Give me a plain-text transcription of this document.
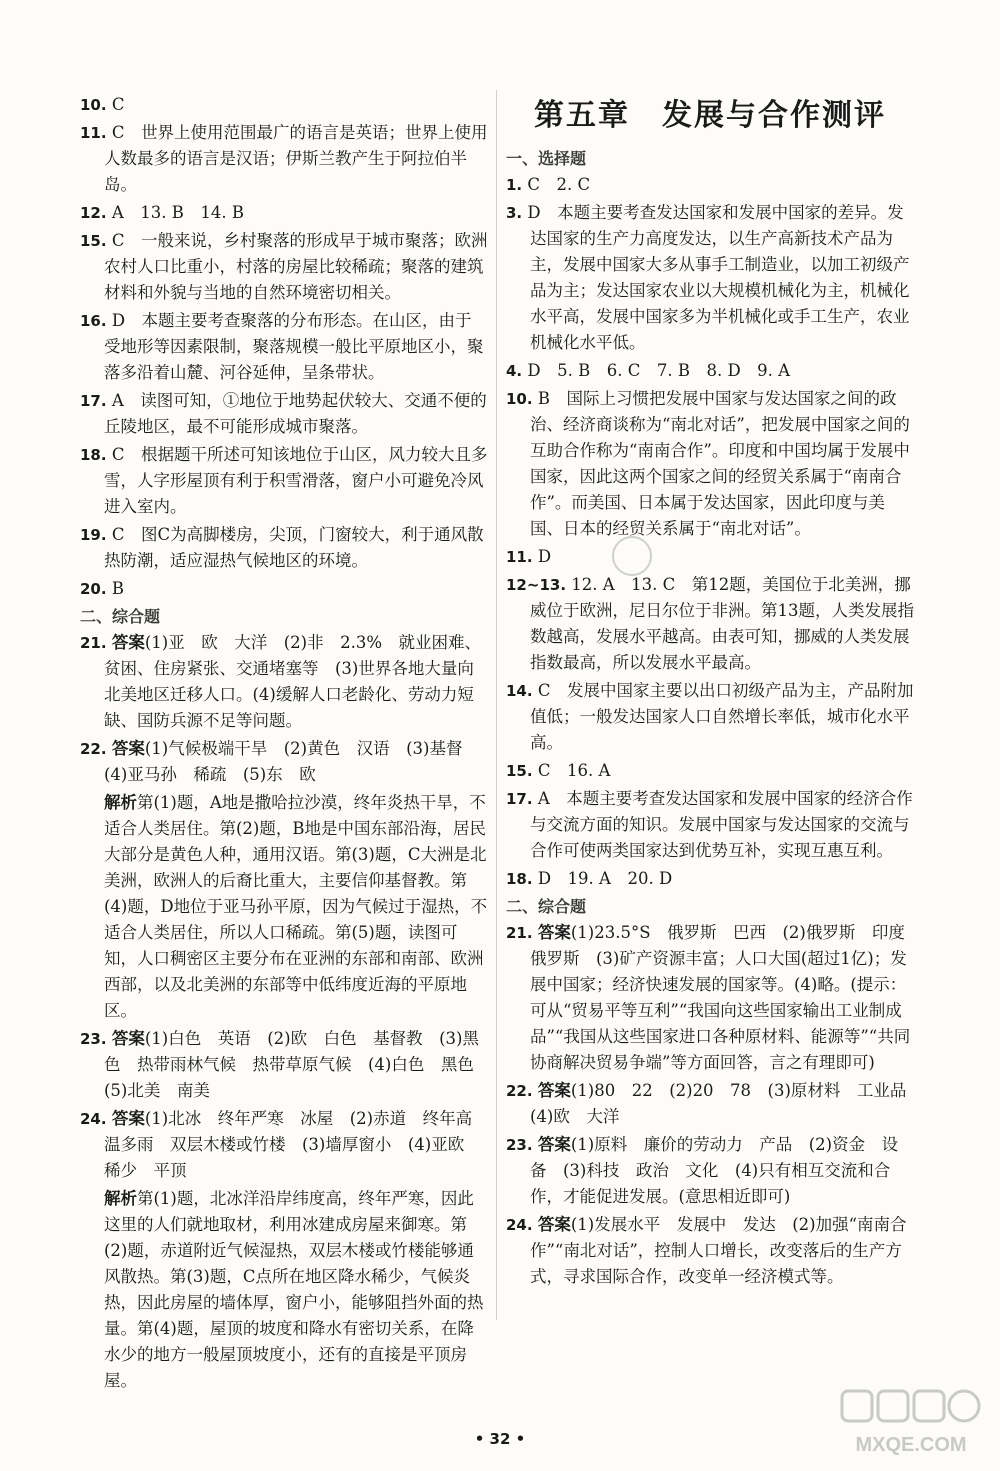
10. C
11. C　世界上使用范围最广的语言是英语；世界上使用人数最多的语言是汉语；伊斯兰教产生于阿拉伯半岛。
12. A　13. B　14. B
15. C　一般来说，乡村聚落的形成早于城市聚落；欧洲农村人口比重小，村落的房屋比较稀疏；聚落的建筑材料和外貌与当地的自然环境密切相关。
16. D　本题主要考查聚落的分布形态。在山区，由于受地形等因素限制，聚落规模一般比平原地区小，聚落多沿着山麓、河谷延伸，呈条带状。
17. A　读图可知，①地位于地势起伏较大、交通不便的丘陵地区，最不可能形成城市聚落。
18. C　根据题干所述可知该地位于山区，风力较大且多雪，人字形屋顶有利于积雪滑落，窗户小可避免冷风进入室内。
19. C　图C为高脚楼房，尖顶，门窗较大，利于通风散热防潮，适应湿热气候地区的环境。
20. B
二、综合题
21. 答案(1)亚　欧　大洋　(2)非　2.3%　就业困难、贫困、住房紧张、交通堵塞等　(3)世界各地大量向北美地区迁移人口。(4)缓解人口老龄化、劳动力短缺、国防兵源不足等问题。
22. 答案(1)气候极端干旱　(2)黄色　汉语　(3)基督　(4)亚马孙　稀疏　(5)东　欧
解析第(1)题，A地是撒哈拉沙漠，终年炎热干旱，不适合人类居住。第(2)题，B地是中国东部沿海，居民大部分是黄色人种，通用汉语。第(3)题，C大洲是北美洲，欧洲人的后裔比重大，主要信仰基督教。第(4)题，D地位于亚马孙平原，因为气候过于湿热，不适合人类居住，所以人口稀疏。第(5)题，读图可知，人口稠密区主要分布在亚洲的东部和南部、欧洲西部，以及北美洲的东部等中低纬度近海的平原地区。
23. 答案(1)白色　英语　(2)欧　白色　基督教　(3)黑色　热带雨林气候　热带草原气候　(4)白色　黑色　(5)北美　南美
24. 答案(1)北冰　终年严寒　冰屋　(2)赤道　终年高温多雨　双层木楼或竹楼　(3)墙厚窗小　(4)亚欧　稀少　平顶
解析第(1)题，北冰洋沿岸纬度高，终年严寒，因此这里的人们就地取材，利用冰建成房屋来御寒。第(2)题，赤道附近气候湿热，双层木楼或竹楼能够通风散热。第(3)题，C点所在地区降水稀少，气候炎热，因此房屋的墙体厚，窗户小，能够阻挡外面的热量。第(4)题，屋顶的坡度和降水有密切关系，在降水少的地方一般屋顶坡度小，还有的直接是平顶房屋。
第五章　发展与合作测评
一、选择题
1. C　2. C
3. D　本题主要考查发达国家和发展中国家的差异。发达国家的生产力高度发达，以生产高新技术产品为主，发展中国家大多从事手工制造业，以加工初级产品为主；发达国家农业以大规模机械化为主，机械化水平高，发展中国家多为半机械化或手工生产，农业机械化水平低。
4. D　5. B　6. C　7. B　8. D　9. A
10. B　国际上习惯把发展中国家与发达国家之间的政治、经济商谈称为“南北对话”，把发展中国家之间的互助合作称为“南南合作”。印度和中国均属于发展中国家，因此这两个国家之间的经贸关系属于“南南合作”。而美国、日本属于发达国家，因此印度与美国、日本的经贸关系属于“南北对话”。
11. D
12~13. 12. A　13. C　第12题，美国位于北美洲，挪威位于欧洲，尼日尔位于非洲。第13题，人类发展指数越高，发展水平越高。由表可知，挪威的人类发展指数最高，所以发展水平最高。
14. C　发展中国家主要以出口初级产品为主，产品附加值低；一般发达国家人口自然增长率低，城市化水平高。
15. C　16. A
17. A　本题主要考查发达国家和发展中国家的经济合作与交流方面的知识。发展中国家与发达国家的交流与合作可使两类国家达到优势互补，实现互惠互利。
18. D　19. A　20. D
二、综合题
21. 答案(1)23.5°S　俄罗斯　巴西　(2)俄罗斯　印度　俄罗斯　(3)矿产资源丰富；人口大国(超过1亿)；发展中国家；经济快速发展的国家等。(4)略。(提示：可从“贸易平等互利”“我国向这些国家输出工业制成品”“我国从这些国家进口各种原材料、能源等”“共同协商解决贸易争端”等方面回答，言之有理即可)
22. 答案(1)80　22　(2)20　78　(3)原材料　工业品　(4)欧　大洋
23. 答案(1)原料　廉价的劳动力　产品　(2)资金　设备　(3)科技　政治　文化　(4)只有相互交流和合作，才能促进发展。(意思相近即可)
24. 答案(1)发展水平　发展中　发达　(2)加强“南南合作”“南北对话”，控制人口增长，改变落后的生产方式，寻求国际合作，改变单一经济模式等。
• 32 •	MXQE.COM
